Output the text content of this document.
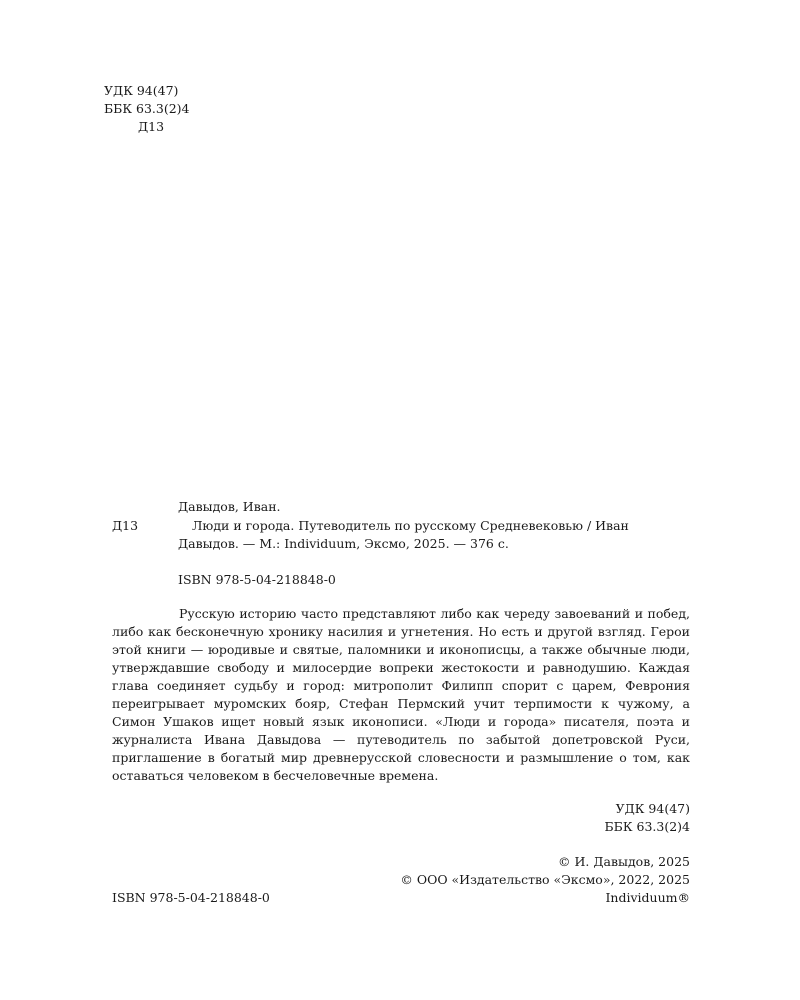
УДК 94(47)
ББК 63.3(2)4
Д13
Давыдов, Иван.
Д13	Люди и города. Путеводитель по русскому Средневековью / Иван
Давыдов. — М.: Individuum, Эксмо, 2025. — 376 с.
ISBN 978-5-04-218848-0
Русскую историю часто представляют либо как череду завоеваний и побед, либо как бесконечную хронику насилия и угнетения. Но есть и другой взгляд. Герои этой книги — юродивые и святые, паломники и иконописцы, а также обычные люди, утверждавшие свободу и милосердие вопреки жестокости и равнодушию. Каждая глава соединяет судьбу и город: митрополит Филипп спорит с царем, Феврония переигрывает муромских бояр, Стефан Пермский учит терпимости к чужому, а Симон Ушаков ищет новый язык иконописи. «Люди и города» писателя, поэта и журналиста Ивана Давыдова — путеводитель по забытой допетровской Руси, приглашение в богатый мир древнерусской словесности и размышление о том, как оставаться человеком в бесчеловечные времена.
УДК 94(47)
ББК 63.3(2)4
© И. Давыдов, 2025
© ООО «Издательство «Эксмо», 2022, 2025
Individuum®
ISBN 978-5-04-218848-0
